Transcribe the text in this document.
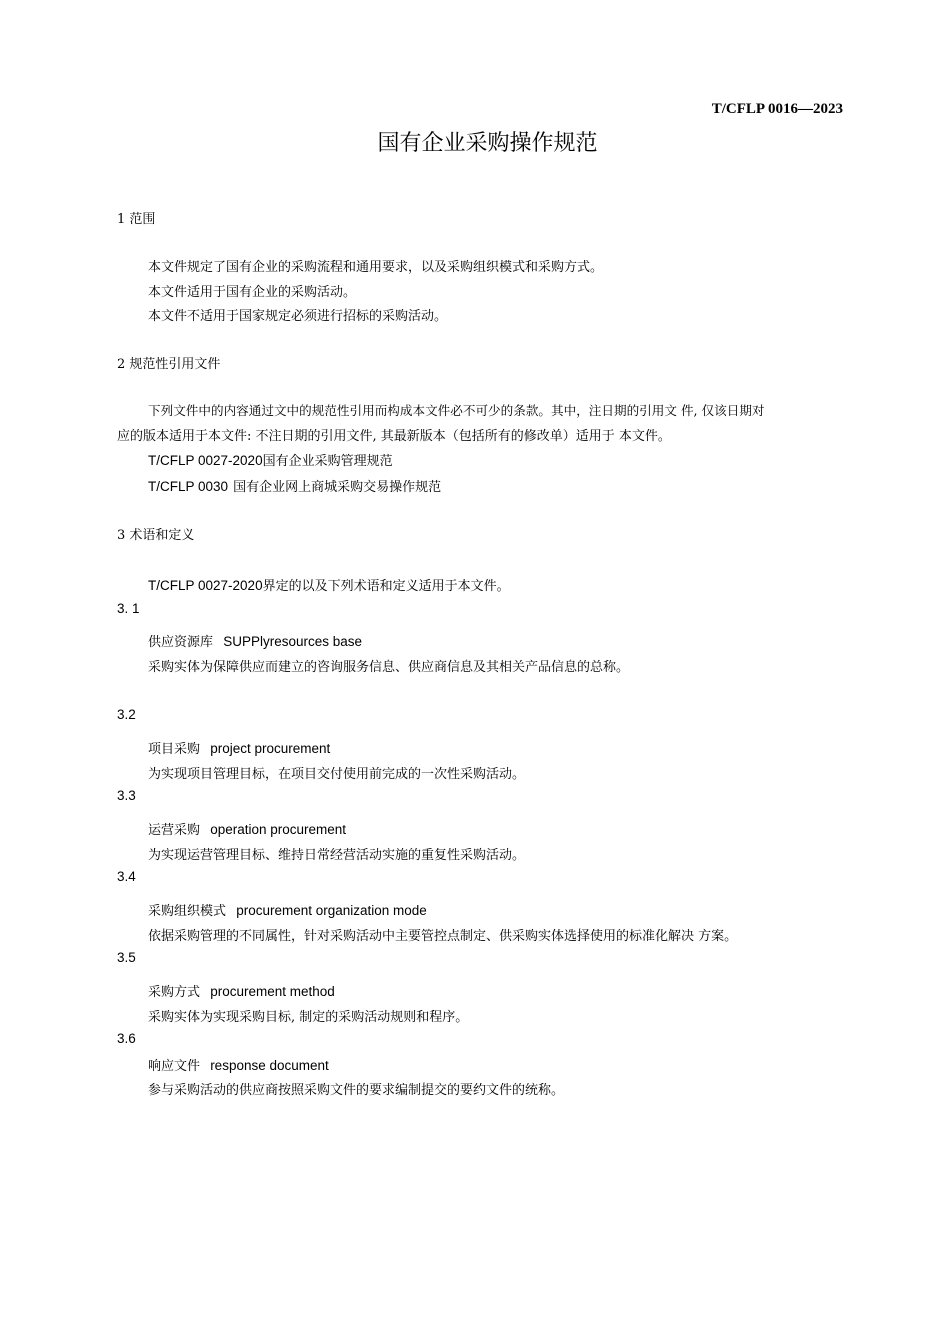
T/CFLP 0016—2023
国有企业采购操作规范
1 范围
本文件规定了国有企业的采购流程和通用要求，以及采购组织模式和采购方式。
本文件适用于国有企业的采购活动。
本文件不适用于国家规定必须进行招标的采购活动。
2 规范性引用文件
下列文件中的内容通过文中的规范性引用而构成本文件必不可少的条款。其中，注日期的引用文 件, 仅该日期对
应的版本适用于本文件: 不注日期的引用文件, 其最新版本（包括所有的修改单）适用于 本文件。
T/CFLP 0027-2020国有企业采购管理规范
T/CFLP 0030 国有企业网上商城采购交易操作规范
3 术语和定义
T/CFLP 0027-2020界定的以及下列术语和定义适用于本文件。
3. 1
供应资源库 SUPPlyresources base
采购实体为保障供应而建立的咨询服务信息、供应商信息及其相关产品信息的总称。
3.2
项目采购 project procurement
为实现项目管理目标，在项目交付使用前完成的一次性采购活动。
3.3
运营采购 operation procurement
为实现运营管理目标、维持日常经营活动实施的重复性采购活动。
3.4
采购组织模式 procurement organization mode
依据采购管理的不同属性，针对采购活动中主要管控点制定、供采购实体选择使用的标准化解决 方案。
3.5
采购方式 procurement method
采购实体为实现采购目标, 制定的采购活动规则和程序。
3.6
响应文件 response document
参与采购活动的供应商按照采购文件的要求编制提交的要约文件的统称。
